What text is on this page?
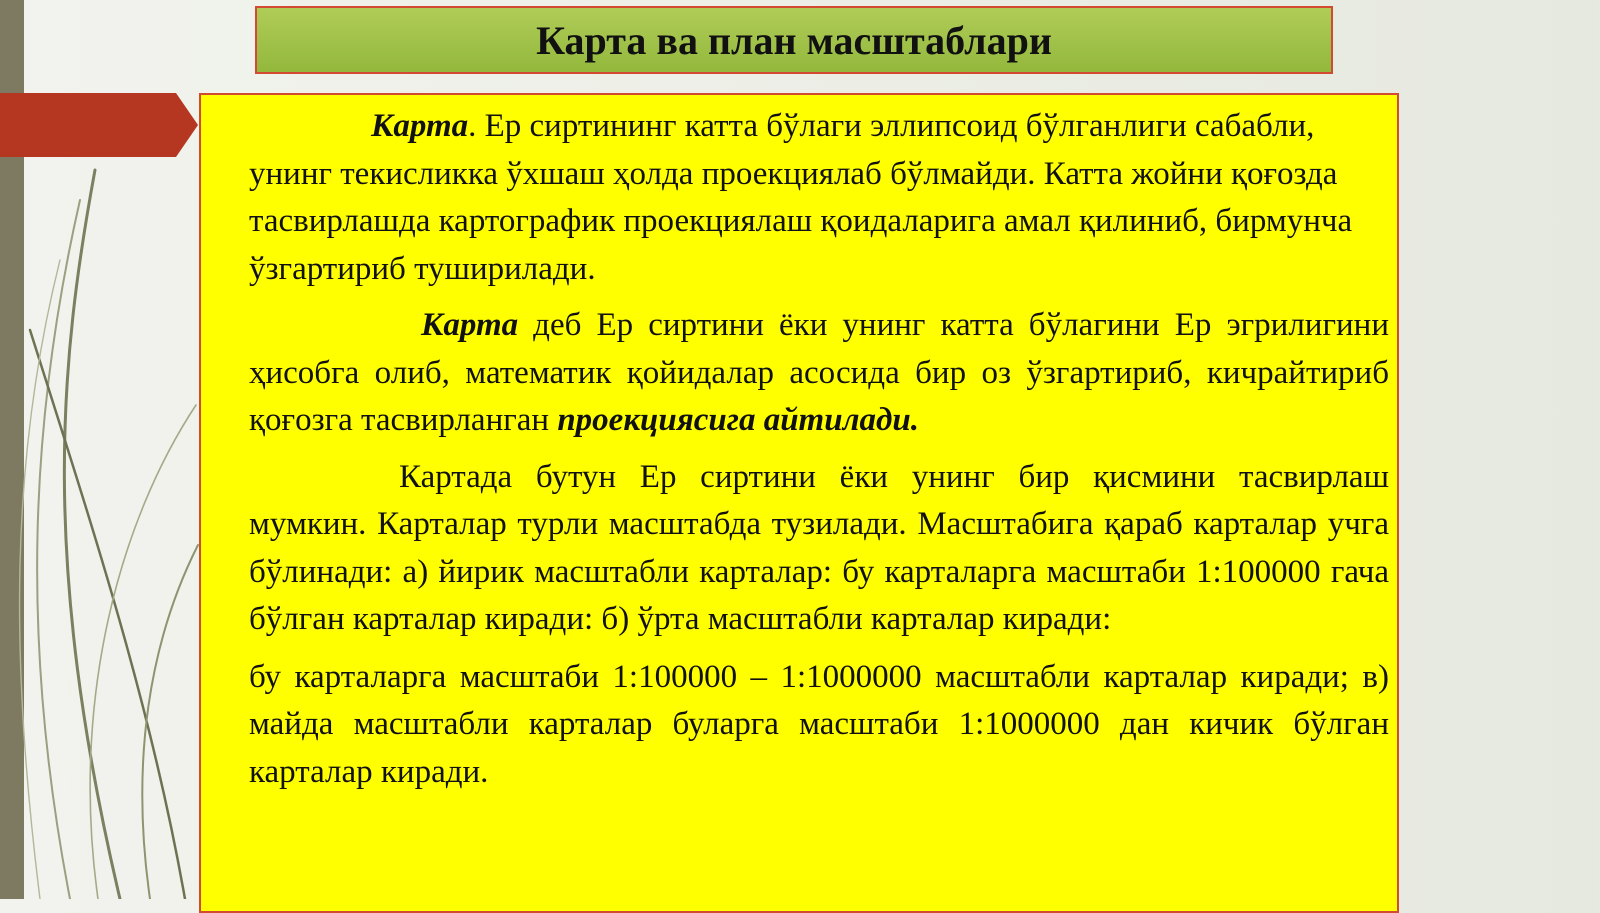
Карта ва план масштаблари

Карта. Ер сиртининг катта бўлаги эллипсоид бўлганлиги сабабли, унинг текисликка ўхшаш ҳолда проекциялаб бўлмайди. Катта жойни қоғозда тасвирлашда картографик проекциялаш қоидаларига амал қилиниб, бирмунча ўзгартириб туширилади.

Карта деб Ер сиртини ёки унинг катта бўлагини Ер эгрилигини ҳисобга олиб, математик қойидалар асосида бир оз ўзгартириб, кичрайтириб қоғозга тасвирланган проекциясига айтилади.

Картада бутун Ер сиртини ёки унинг бир қисмини тасвирлаш мумкин. Карталар турли масштабда тузилади. Масштабига қараб карталар учга бўлинади: а) йирик масштабли карталар: бу карталарга масштаби 1:100000 гача бўлган карталар киради: б) ўрта масштабли карталар киради:

бу карталарга масштаби 1:100000 – 1:1000000 масштабли карталар киради; в) майда масштабли карталар буларга масштаби 1:1000000 дан кичик бўлган карталар киради.
